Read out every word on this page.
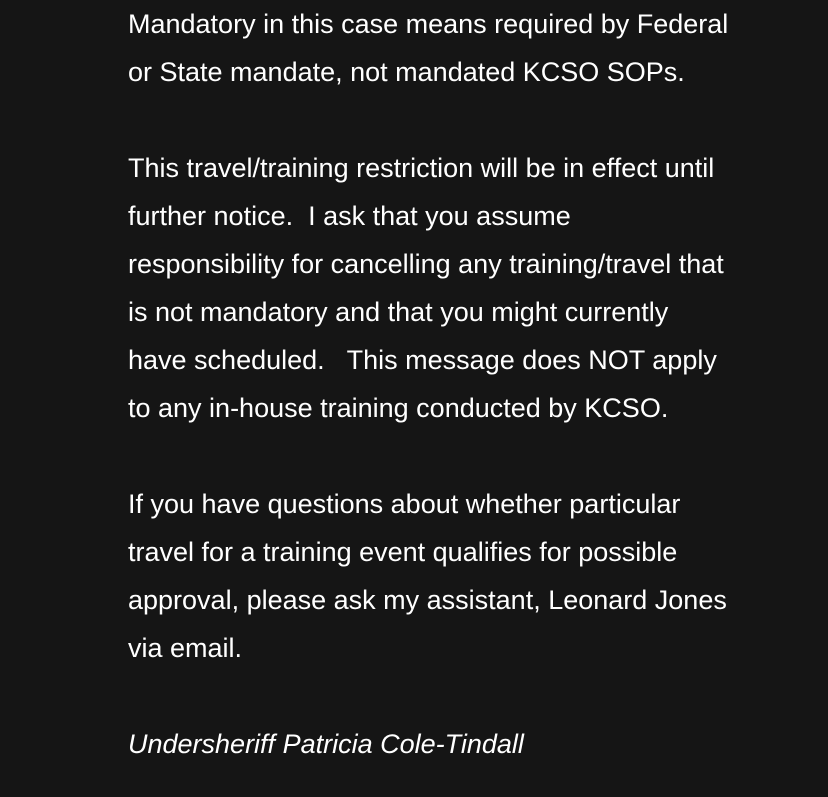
Mandatory in this case means required by Federal
or State mandate, not mandated KCSO SOPs.

This travel/training restriction will be in effect until
further notice.  I ask that you assume
responsibility for cancelling any training/travel that
is not mandatory and that you might currently
have scheduled.   This message does NOT apply
to any in-house training conducted by KCSO.

If you have questions about whether particular
travel for a training event qualifies for possible
approval, please ask my assistant, Leonard Jones
via email.

Undersheriff Patricia Cole-Tindall
